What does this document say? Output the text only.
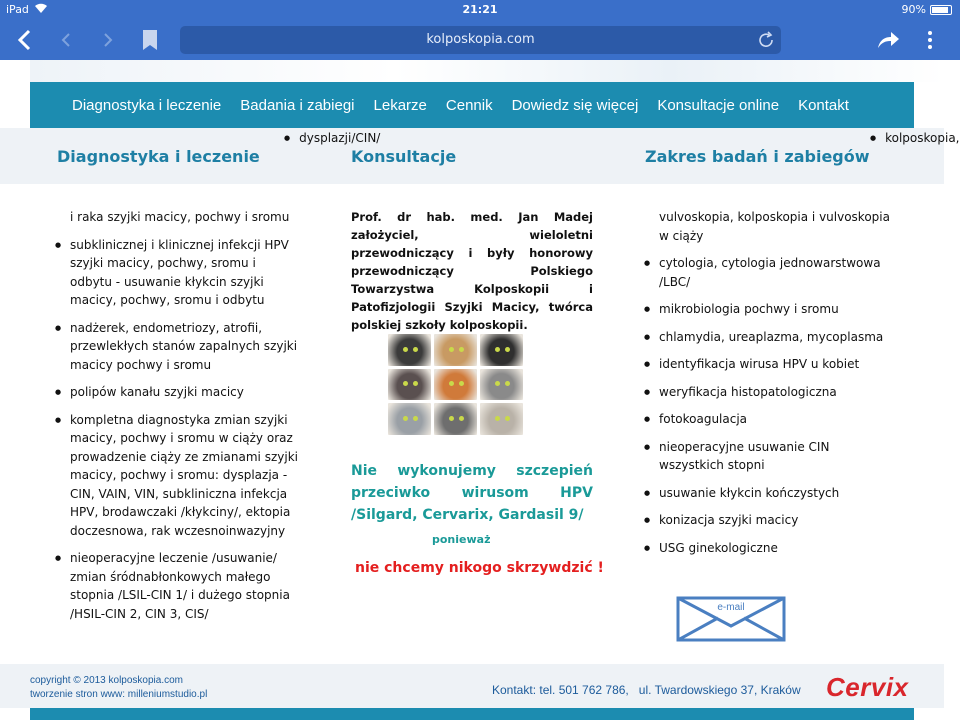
iPad	21:21	90%
kolposkopia.com
Diagnostyka i leczenie Badania i zabiegi Lekarze Cennik Dowiedz się więcej Konsultacje online Kontakt
● dysplazji/CIN/
●	kolposkopia,
Diagnostyka i leczenie	Konsultacje	Zakres badań i zabiegów
i raka szyjki macicy, pochwy i sromu
● subklinicznej i klinicznej infekcji HPV szyjki macicy, pochwy, sromu i odbytu - usuwanie kłykcin szyjki macicy, pochwy, sromu i odbytu
● nadżerek, endometriozy, atrofii, przewlekłych stanów zapalnych szyjki macicy pochwy i sromu
● polipów kanału szyjki macicy
● kompletna diagnostyka zmian szyjki macicy, pochwy i sromu w ciąży oraz prowadzenie ciąży ze zmianami szyjki macicy, pochwy i sromu: dysplazja - CIN, VAIN, VIN, subkliniczna infekcja HPV, brodawczaki /kłykciny/, ektopia doczesnowa, rak wczesnoinwazyjny
● nieoperacyjne leczenie /usuwanie/ zmian śródnabłonkowych małego stopnia /LSIL-CIN 1/ i dużego stopnia /HSIL-CIN 2, CIN 3, CIS/

Prof. dr hab. med. Jan Madej założyciel, wieloletni przewodniczący i były honorowy przewodniczący Polskiego Towarzystwa Kolposkopii i Patofizjologii Szyjki Macicy, twórca polskiej szkoły kolposkopii.

Nie wykonujemy szczepień przeciwko wirusom HPV
/Silgard, Cervarix, Gardasil 9/

ponieważ
nie chcemy nikogo skrzywdzić !
vulvoskopia, kolposkopia i vulvoskopia w ciąży
● cytologia, cytologia jednowarstwowa /LBC/
● mikrobiologia pochwy i sromu
● chlamydia, ureaplazma, mycoplasma
● identyfikacja wirusa HPV u kobiet
● weryfikacja histopatologiczna
● fotokoagulacja
● nieoperacyjne usuwanie CIN wszystkich stopni
● usuwanie kłykcin kończystych
● konizacja szyjki macicy
● USG ginekologiczne
e-mail
copyright © 2013 kolposkopia.com
tworzenie stron www: milleniumstudio.pl	Kontakt: tel. 501 762 786,   ul. Twardowskiego 37, Kraków Cervix
